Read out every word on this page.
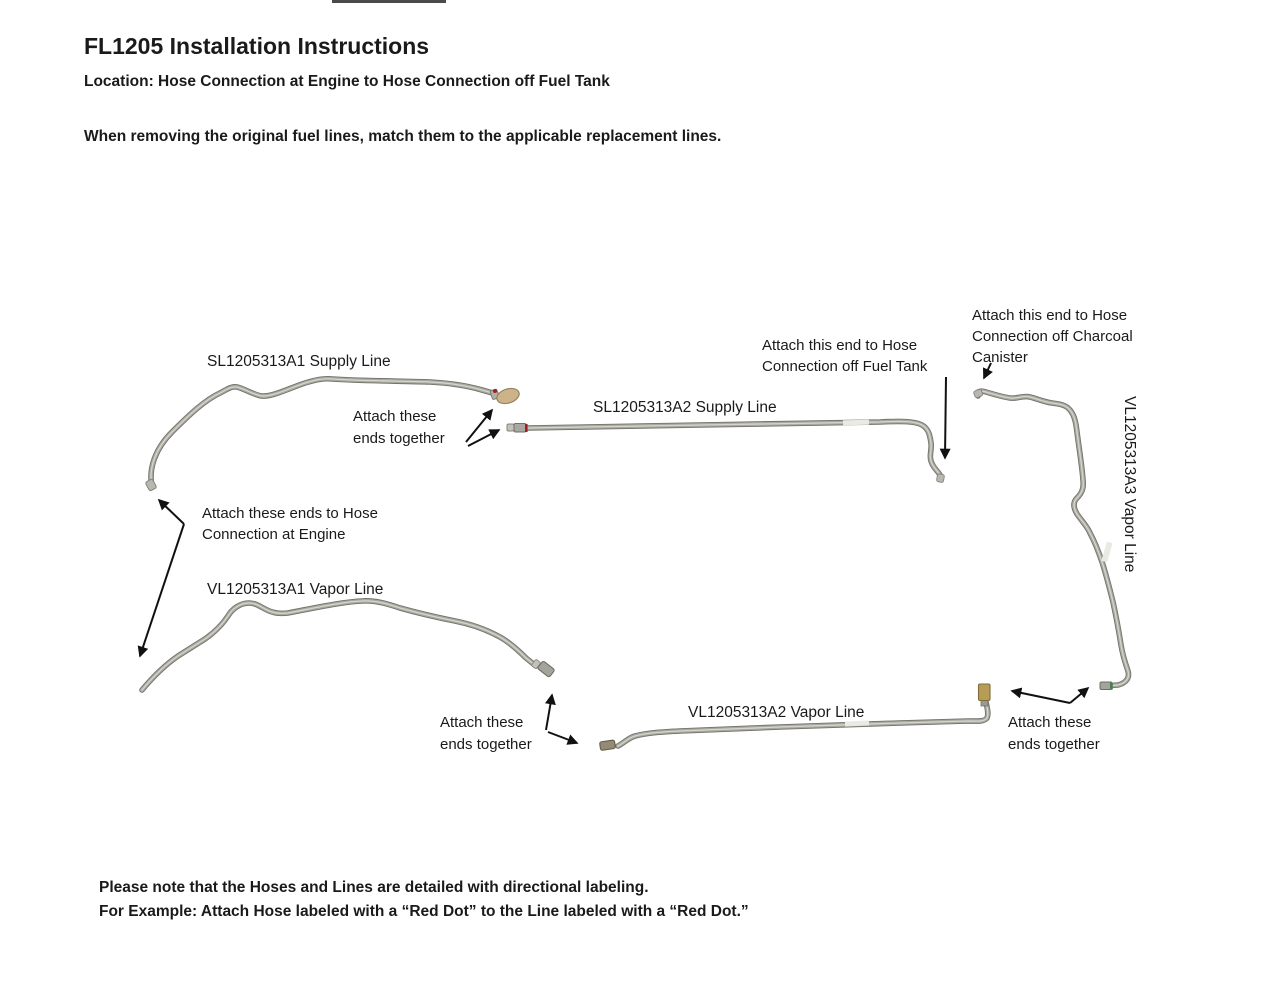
FL1205 Installation Instructions
Location: Hose Connection at Engine to Hose Connection off Fuel Tank
When removing the original fuel lines, match them to the applicable replacement lines.
SL1205313A1 Supply Line
SL1205313A2 Supply Line
VL1205313A1 Vapor Line
VL1205313A2 Vapor Line
VL1205313A3 Vapor Line
Attach these
ends together
Attach these ends to Hose
Connection at Engine
Attach this end to Hose
Connection off Fuel Tank
Attach this end to Hose
Connection off Charcoal
Canister
Attach these
ends together
Attach these
ends together
Please note that the Hoses and Lines are detailed with directional labeling.
For Example: Attach Hose labeled with a “Red Dot” to the Line labeled with a “Red Dot.”
